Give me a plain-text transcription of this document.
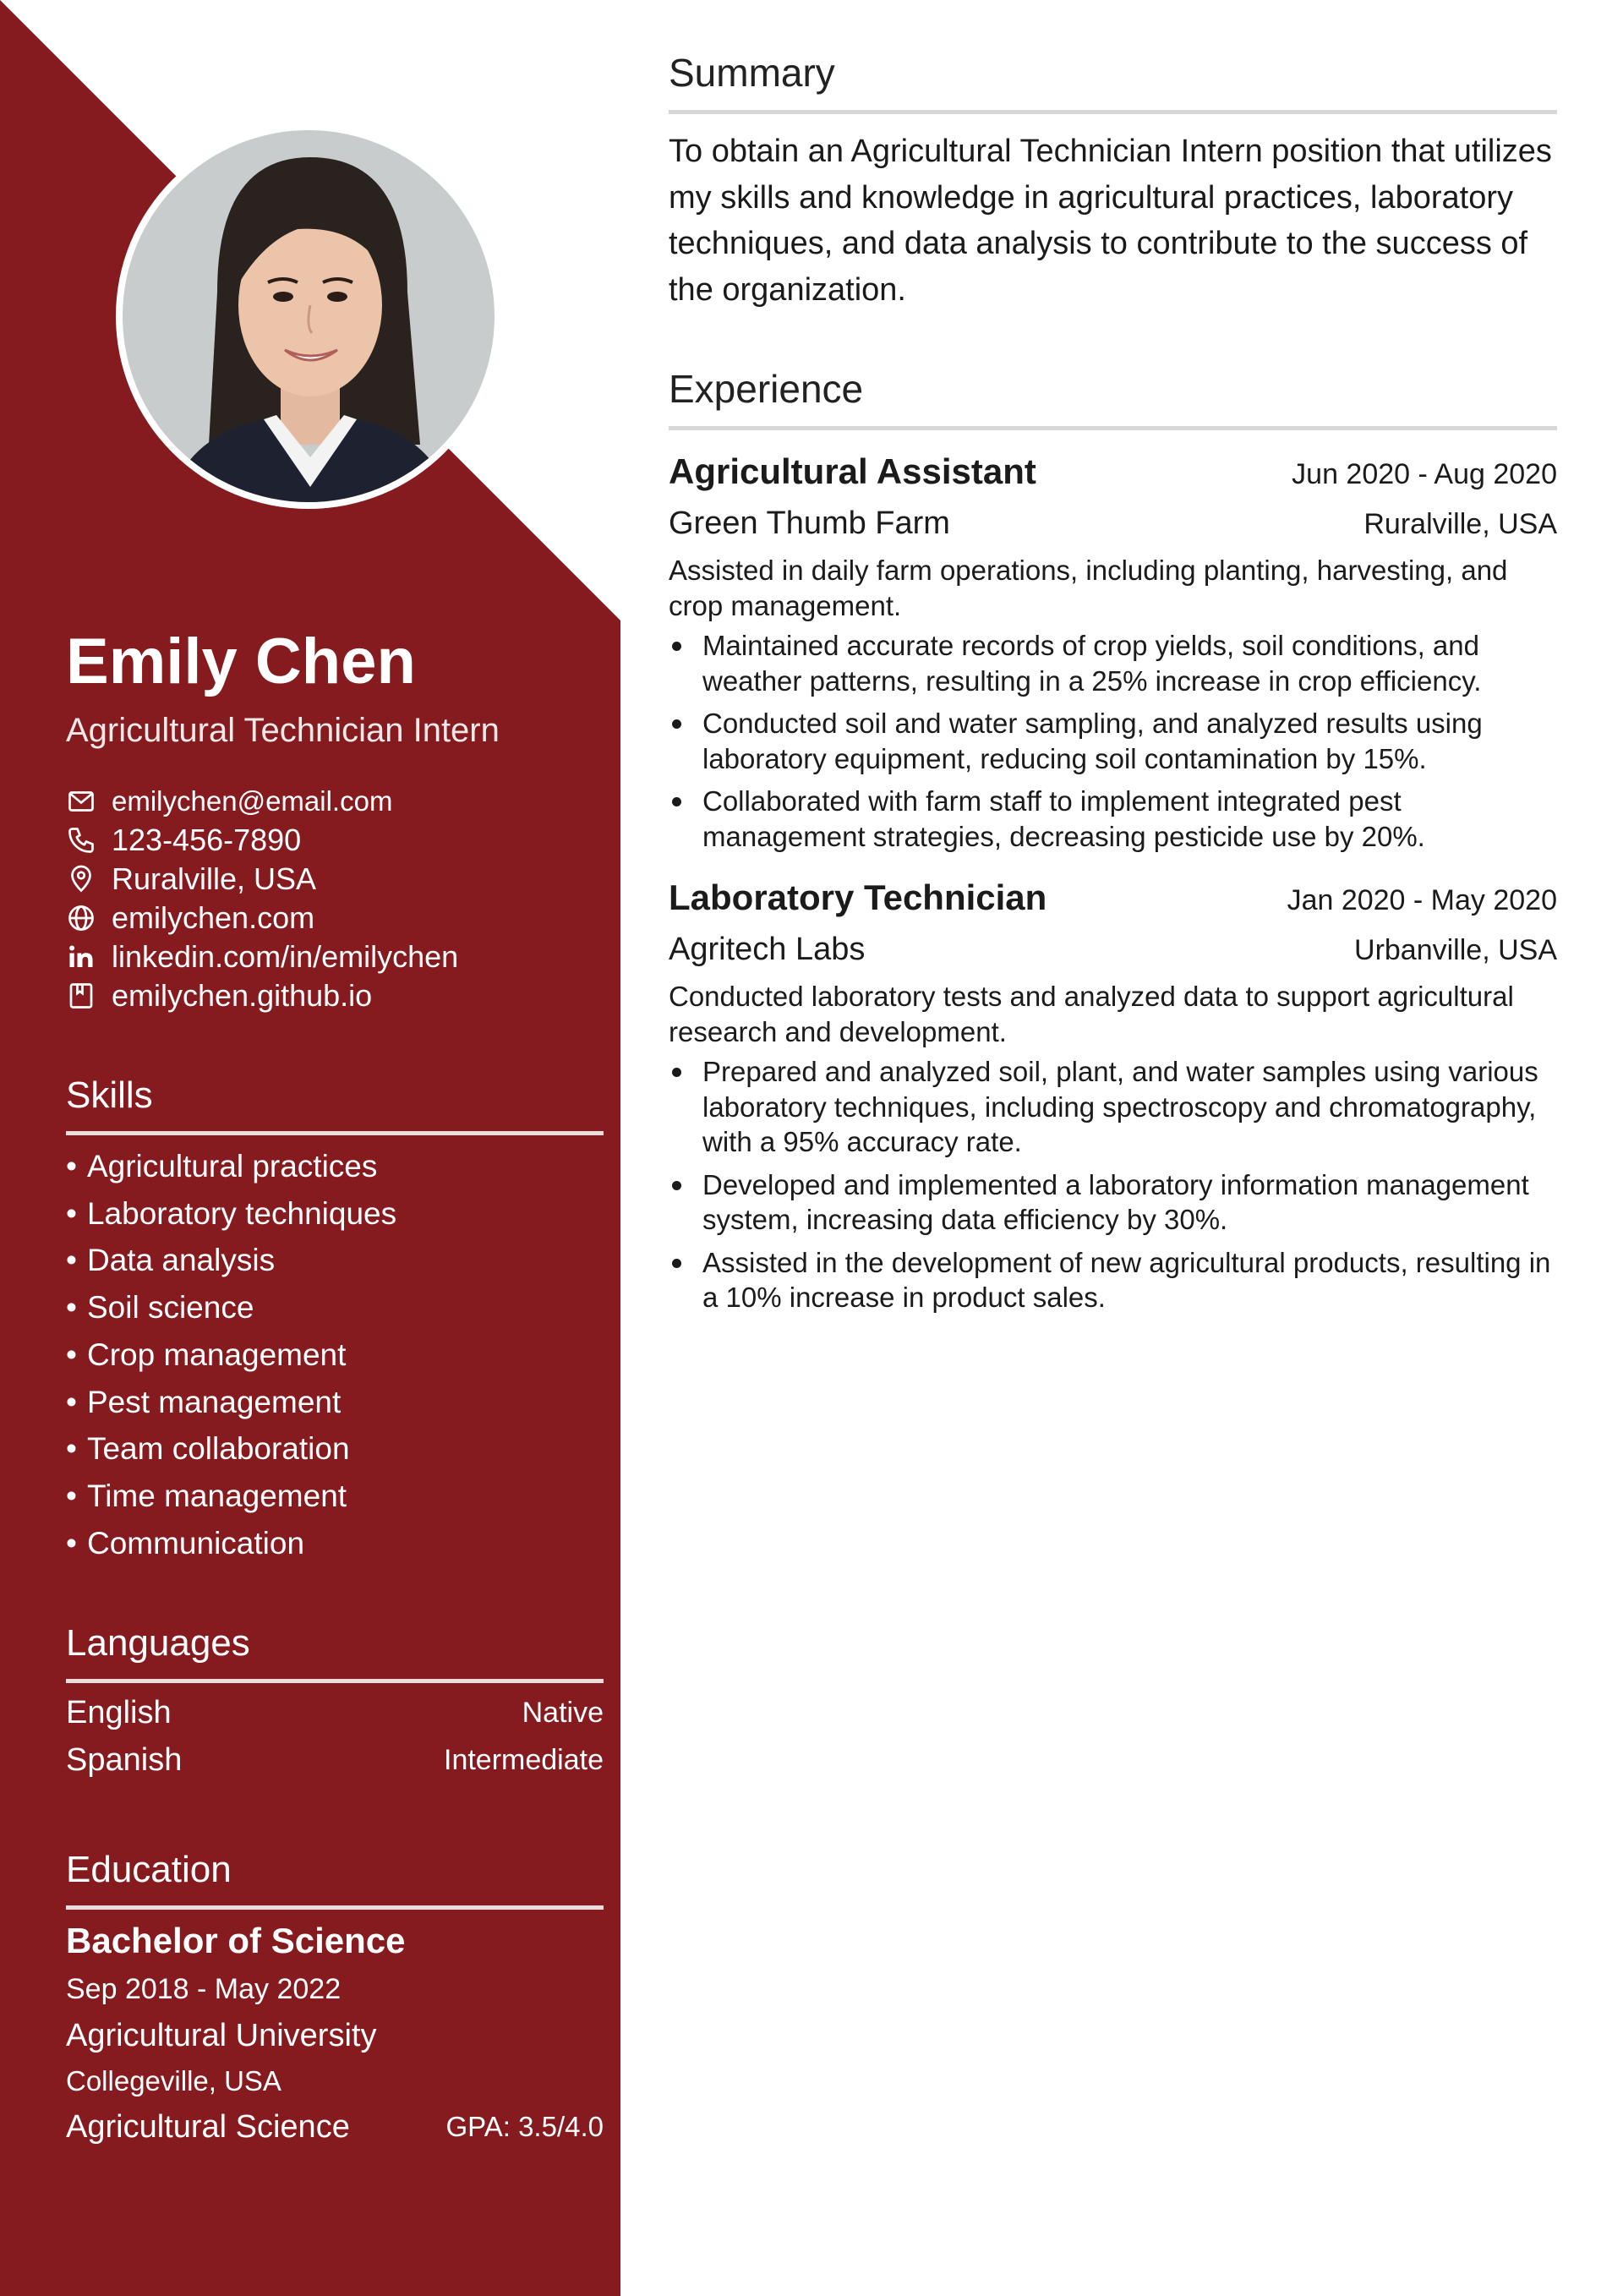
Emily Chen
Agricultural Technician Intern
emilychen@email.com
123-456-7890
Ruralville, USA
emilychen.com
linkedin.com/in/emilychen
emilychen.github.io
Skills
• Agricultural practices
• Laboratory techniques
• Data analysis
• Soil science
• Crop management
• Pest management
• Team collaboration
• Time management
• Communication
Languages
English	Native
Spanish	Intermediate
Education
Bachelor of Science
Sep 2018 - May 2022
Agricultural University
Collegeville, USA
Agricultural Science	GPA: 3.5/4.0
Summary
To obtain an Agricultural Technician Intern position that utilizes my skills and knowledge in agricultural practices, laboratory techniques, and data analysis to contribute to the success of the organization.
Experience
Agricultural Assistant	Jun 2020 - Aug 2020
Green Thumb Farm	Ruralville, USA
Assisted in daily farm operations, including planting, harvesting, and crop management.
Maintained accurate records of crop yields, soil conditions, and weather patterns, resulting in a 25% increase in crop efficiency.
Conducted soil and water sampling, and analyzed results using laboratory equipment, reducing soil contamination by 15%.
Collaborated with farm staff to implement integrated pest management strategies, decreasing pesticide use by 20%.
Laboratory Technician	Jan 2020 - May 2020
Agritech Labs	Urbanville, USA
Conducted laboratory tests and analyzed data to support agricultural research and development.
Prepared and analyzed soil, plant, and water samples using various laboratory techniques, including spectroscopy and chromatography, with a 95% accuracy rate.
Developed and implemented a laboratory information management system, increasing data efficiency by 30%.
Assisted in the development of new agricultural products, resulting in a 10% increase in product sales.
